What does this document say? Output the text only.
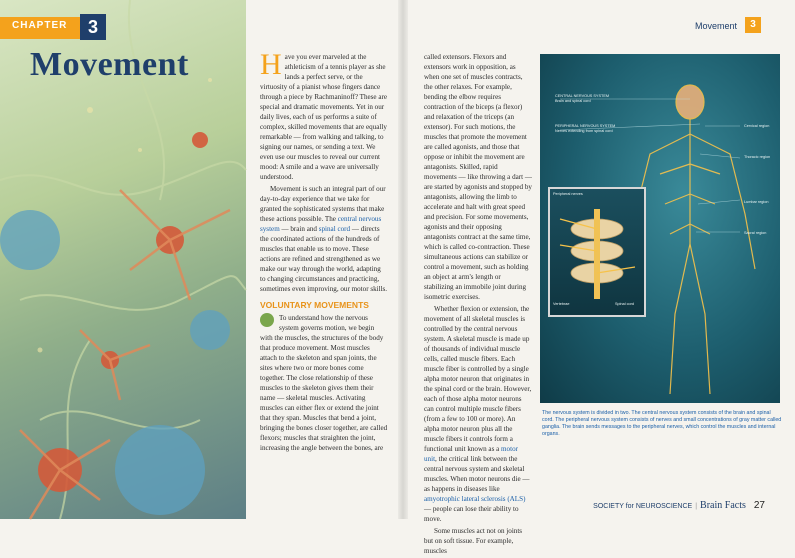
CHAPTER	3
Movement Have you ever marveled at the athleticism of a tennis player as she lands a perfect serve, or the virtuosity of a pianist whose fingers dance through a piece by Rachmaninoff? These are special and dramatic movements. Yet in our daily lives, each of us performs a suite of complex, skilled movements that are equally remarkable — from walking and talking, to signing our names, or sending a text. We even use our muscles to reveal our current mood: A smile and a wave are universally understood.

Movement is such an integral part of our day-to-day experience that we take for granted the sophisticated systems that make these actions possible. The central nervous system — brain and spinal cord — directs the coordinated actions of the hundreds of muscles that enable us to move. These actions are refined and strengthened as we make our way through the world, adapting to changing circumstances and practicing, sometimes even improving, our motor skills.

VOLUNTARY MOVEMENTS

To understand how the nervous system governs motion, we begin with the muscles, the structures of the body that produce movement. Most muscles attach to the skeleton and span joints, the sites where two or more bones come together. The close relationship of these muscles to the skeleton gives them their name — skeletal muscles. Activating muscles can either flex or extend the joint that they span. Muscles that bend a joint, bringing the bones closer together, are called flexors; muscles that straighten the joint, increasing the angle between the bones, are

called extensors. Flexors and extensors work in opposition, as when one set of muscles contracts, the other relaxes. For example, bending the elbow requires contraction of the biceps (a flexor) and relaxation of the triceps (an extensor). For such motions, the muscles that promote the movement are called agonists, and those that oppose or inhibit the movement are antagonists. Skilled, rapid movements — like throwing a dart — are started by agonists and stopped by antagonists, allowing the limb to accelerate and halt with great speed and precision. For some movements, agonists and their opposing antagonists contract at the same time, which is called co-contraction. These simultaneous actions can stabilize or control a movement, such as holding an object at arm's length or stabilizing an immobile joint during isometric exercises.

Whether flexion or extension, the movement of all skeletal muscles is controlled by the central nervous system. A skeletal muscle is made up of thousands of individual muscle cells, called muscle fibers. Each muscle fiber is controlled by a single alpha motor neuron that originates in the spinal cord or the brain. However, each of those alpha motor neurons can control multiple muscle fibers (from a few to 100 or more). An alpha motor neuron plus all the muscle fibers it controls form a functional unit known as a motor unit, the critical link between the central nervous system and skeletal muscles. When motor neurons die — as happens in diseases like amyotrophic lateral sclerosis (ALS) — people can lose their ability to move.

Some muscles act not on joints but on soft tissue. For example, muscles

Movement	3
CENTRAL NERVOUS SYSTEM
Brain and spinal cord
PERIPHERAL NERVOUS SYSTEM
Nerves extending from spinal cord
Cervical region
Thoracic region
Lumbar region
Sacral region
Peripheral nerves
Vertebrae	Spinal cord
The nervous system is divided in two. The central nervous system consists of the brain and spinal cord. The peripheral nervous system consists of nerves and small concentrations of gray matter called ganglia. The brain sends messages to the peripheral nerves, which control the muscles and internal organs.
SOCIETY for NEUROSCIENCE | Brain Facts 27
